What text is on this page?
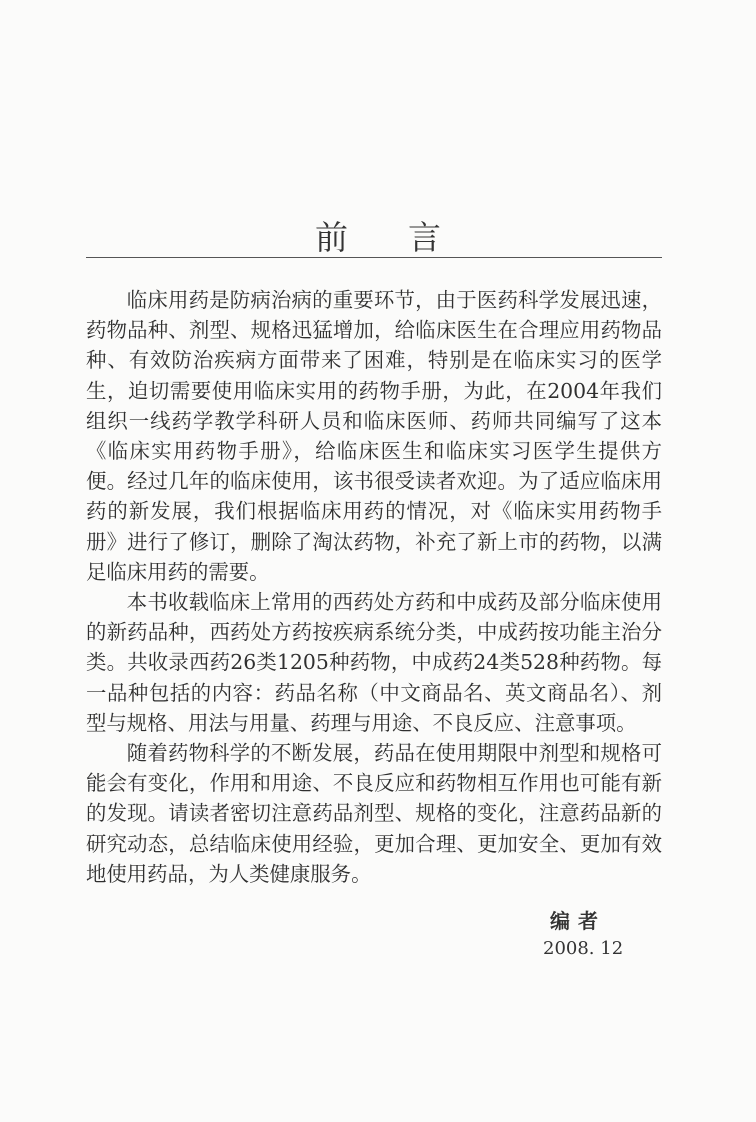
前言

临床用药是防病治病的重要环节，由于医药科学发展迅速，药物品种、剂型、规格迅猛增加，给临床医生在合理应用药物品种、有效防治疾病方面带来了困难，特别是在临床实习的医学生，迫切需要使用临床实用的药物手册，为此，在2004年我们组织一线药学教学科研人员和临床医师、药师共同编写了这本《临床实用药物手册》，给临床医生和临床实习医学生提供方便。经过几年的临床使用，该书很受读者欢迎。为了适应临床用药的新发展，我们根据临床用药的情况，对《临床实用药物手册》进行了修订，删除了淘汰药物，补充了新上市的药物，以满足临床用药的需要。

本书收载临床上常用的西药处方药和中成药及部分临床使用的新药品种，西药处方药按疾病系统分类，中成药按功能主治分类。共收录西药26类1205种药物，中成药24类528种药物。每一品种包括的内容：药品名称（中文商品名、英文商品名）、剂型与规格、用法与用量、药理与用途、不良反应、注意事项。

随着药物科学的不断发展，药品在使用期限中剂型和规格可能会有变化，作用和用途、不良反应和药物相互作用也可能有新的发现。请读者密切注意药品剂型、规格的变化，注意药品新的研究动态，总结临床使用经验，更加合理、更加安全、更加有效地使用药品，为人类健康服务。

编者
2008. 12
